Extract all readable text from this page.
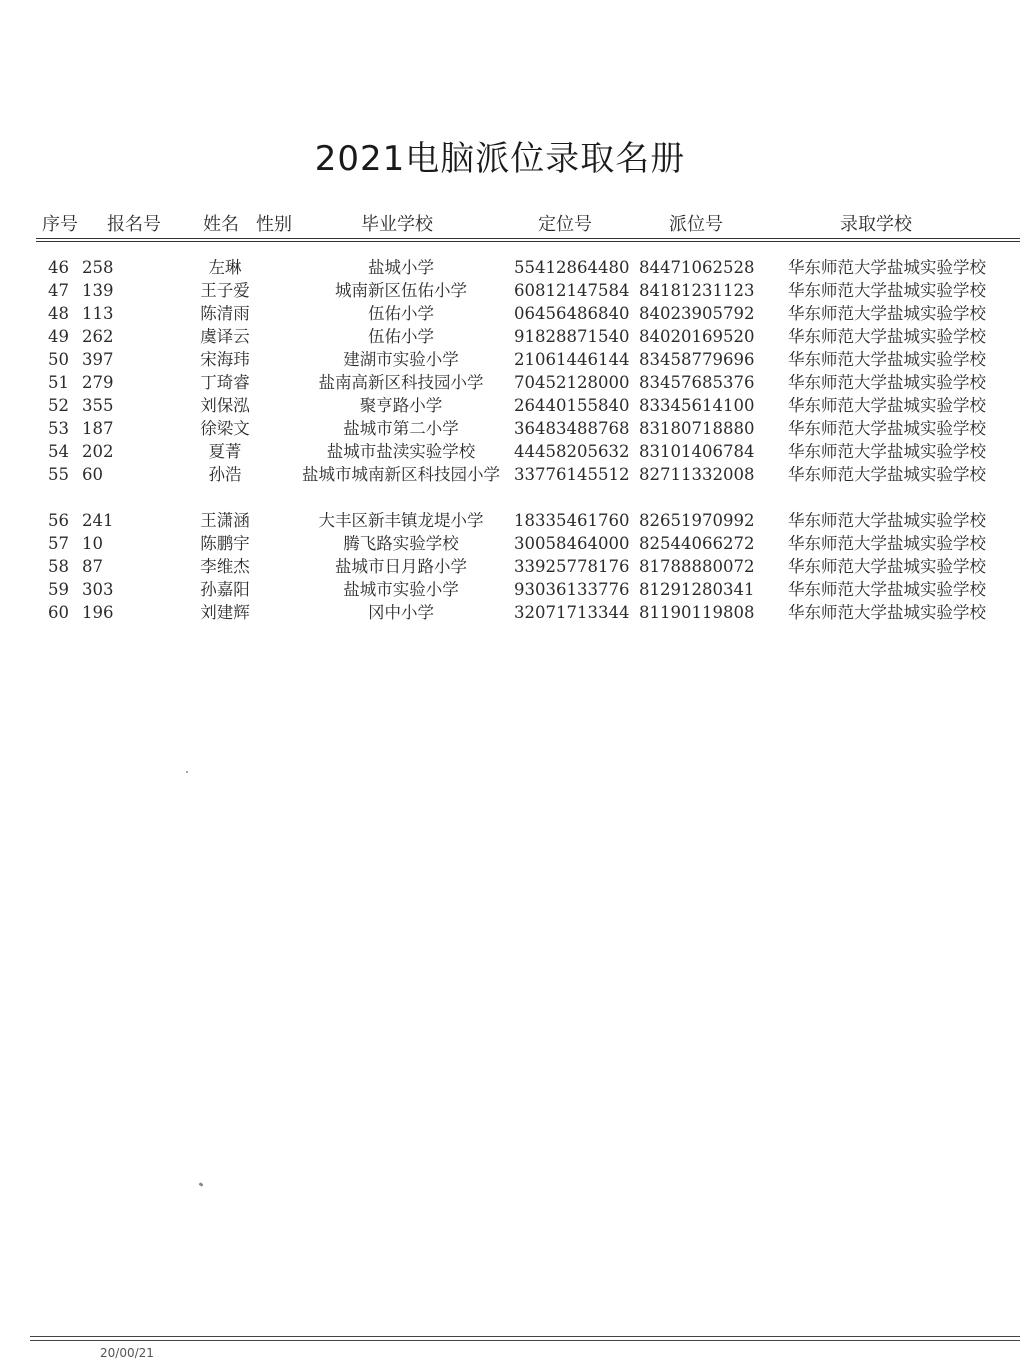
2021电脑派位录取名册
序号 报名号 姓名 性别	毕业学校	定位号	派位号	录取学校
46 258	左琳	盐城小学	55412864480 84471062528 华东师范大学盐城实验学校
47 139	王子爱	城南新区伍佑小学	60812147584 84181231123 华东师范大学盐城实验学校
48 113	陈清雨	伍佑小学	06456486840 84023905792 华东师范大学盐城实验学校
49 262	虞译云	伍佑小学	91828871540 84020169520 华东师范大学盐城实验学校
50 397	宋海玮	建湖市实验小学	21061446144 83458779696 华东师范大学盐城实验学校
51 279	丁琦睿	盐南高新区科技园小学	70452128000 83457685376 华东师范大学盐城实验学校
52 355	刘保泓	聚亨路小学	26440155840 83345614100 华东师范大学盐城实验学校
53 187	徐梁文	盐城市第二小学	36483488768 83180718880 华东师范大学盐城实验学校
54 202	夏菁	盐城市盐渎实验学校	44458205632 83101406784 华东师范大学盐城实验学校
55 60	孙浩	盐城市城南新区科技园小学 33776145512 82711332008 华东师范大学盐城实验学校
56 241	王潇涵	大丰区新丰镇龙堤小学	18335461760 82651970992 华东师范大学盐城实验学校
57 10	陈鹏宇	腾飞路实验学校	30058464000 82544066272 华东师范大学盐城实验学校
58 87	李维杰	盐城市日月路小学	33925778176 81788880072 华东师范大学盐城实验学校
59 303	孙嘉阳	盐城市实验小学	93036133776 81291280341 华东师范大学盐城实验学校
60 196	刘建辉	冈中小学	32071713344 81190119808 华东师范大学盐城实验学校
20/00/21
